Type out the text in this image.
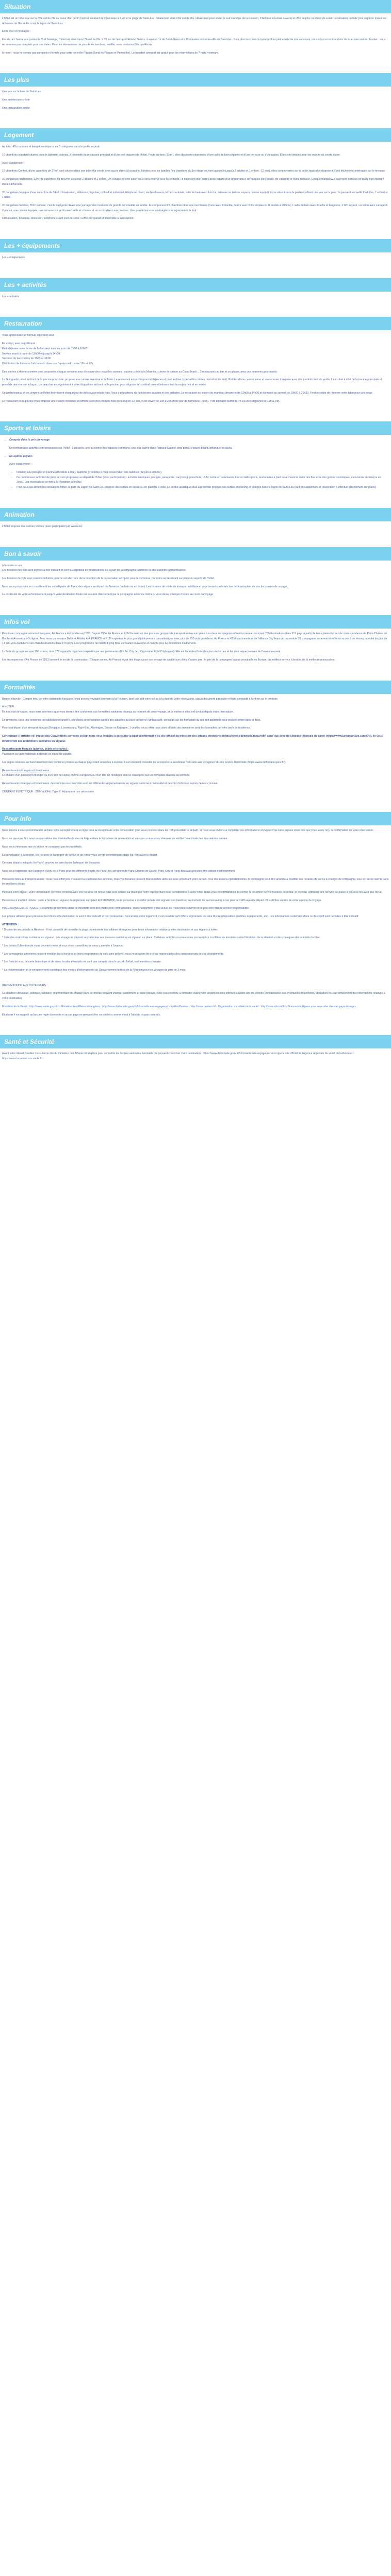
Situation

L'hôtel est un hôtel vrai sur la côte est de l'Ile au coeur d'un jardin tropical luxuriant de 2 hectares à 2 km et le plage de Saint-Leu. Idéalement situé côté est de l'île, idéalement pour visiter le sud sauvage de la Réunion. Il fait face à la baie ouverte et offre de jolis couchers de soleil. Localisation parfaite pour explorer toutes les richesses de l'île et découvrir le lagon de Saint-Leu.

Entre mer et montagne :

Escale de charme aux portes du Sud Sauvage, l'hôtel est situé dans l'Ouest de l'île, à 70 km de l'aéroport Roland Garros, à environ 1h de Saint-Pierre et à 15 minutes du centre-ville de Saint-Leu. Pour plus de confort et pour profiter pleinement de vos vacances, nous vous recommandons de louer une voiture. À noter : nous ne sommes pas complets pour ces dates. Pour les réservations de plus de 4 chambres, veuillez nous contacter (Europe-Euro).

À noter : nous ne serons pas complets ni fermés pour cette nouvelle Pâques (lundi de Pâques et Pentecôte). Le transfert aéroport est gratuit pour les réservations de 7 nuits minimum.

Les plus

Une vue sur la baie de Saint-Leu

Une architecture créole

Une restauration variée

Logement

Au total, 40 chambres et bungalows répartis en 3 catégories dans le jardin tropical.

16 chambres standard situées dans le bâtiment colonial, à proximité du restaurant principal et d'une des piscines de l'hôtel. Petite surface (17m²), elles disposent néanmoins d'une salle de bain séparée et d'une terrasse ou d'un balcon. Elles sont idéales pour les séjours de courte durée.

Avec supplément :

16 chambres Confort, d'une superficie de 27m², sont situées dans une jolie villa créole avec accès direct à la piscine. Idéales pour les familles (les chambres du 1er étage peuvent accueillir jusqu'à 2 adultes et 1 enfant : 12 ans), elles sont ouvertes sur le jardin tropical et disposent d'une kitchenette aménagée sur le terrasse.

20 bungalows kitchenette, 32m² de superficie. Ils peuvent accueillir 2 adultes et 1 enfant. Un canapé en coin salon vous sera réservé pour les enfants. Ils disposent d'un coin cuisine équipé d'un réfrigérateur, de plaques électriques, de vaisselle et d'une terrasse. Chaque bungalow a sa propre terrasse de plain-pied équipée d'une kitchenette.

20 bungalows tropique d'une superficie de 34m² (climatisation, télévision, frigo bar, coffre-fort individuel, téléphone direct, sèche-cheveux, kit de courtoisie, salle de bain avec douche, terrasse ou balcon, espace cuisine équipé), ils se situent dans le jardin et offrent une vue sur le parc. Ils peuvent accueillir 2 adultes, 1 enfant et 1 bébé.

20 bungalows familles, 55m² au total, c'est la catégorie idéale pour partager des moments de grande convivialité en famille. Ils comprennent 2 chambres dont une mezzanine (l'une avec lit double, l'autre avec 2 lits simples ou lit double à 200cm), 1 salle de bain avec douche et baignoire, 1 WC séparé, un salon avec canapé-lit 2 places, une cuisine équipée, une terrasse sur jardin avec table et chaises et un accès direct aux piscines. Une grande terrasse aménagée sont agrémentés le tout.

Climatisation, bouilloire, télévision, téléphone et wifi sont de série. Coffre-fort gratuit et disponible à la réception.

Les + équipements

Les + équipements

Les + activités

Les + activités

Restauration

Vous apprécierez un formule logement seul.

En option, avec supplément :

Petit déjeuner sous forme de buffet servi tous les jours de 7h00 à 10h00.

Service snack à partir de 12h00 et jusqu'à 14h00.

Services du bar continu de 7h00 à 19h00.

Distribution de boissons fraîches et crêpes sur l'après-midi : entre 15h et 17h.

Des soirées à thème animées sont proposées chaque semaine pour découvrir des nouvelles saveurs : cuisine créole à la Marmite, cuisine de saison au Coco Beach... 2 restaurants au bar et un glacier, pour vos moments gourmands.

La Guinguette, situé au bord de la piscine principale, propose une cuisine inventive et raffinée. Le restaurant est ouvert pour le déjeuner et pour le dîner (spécialités créoles du midi et du soir). Profitez d'une cuisine saine et savoureuse, imaginée avec des produits frais du jardin. Il est situé à côté de la piscine principale et possède une vue sur le lagon. Un beau bar est également à votre disposition au bord de la piscine, pour déguster un cocktail ou une boisson fraîche en journée et en soirée.

Un jardin tropical et les vergers de l'hôtel fournissent chaque jour de délicieux produits frais. Vous y dégusterez de délicieuses salades et des grillades. Le restaurant est ouvert du mardi au dimanche de 12h00 à 14h00 et du mardi au samedi de 19h00 à 21h30. Il est possible de réserver votre table pour vos repas.

Le restaurant de la piscine vous propose une cuisine inventive et raffinée avec des produits frais de la région. Le soir, il est ouvert de 19h à 22h (hors jour de fermeture : lundi). Petit déjeuner buffet de 7h à 10h et déjeuner de 12h à 14h.

Sports et loisirs
• Compris dans le prix du voyage

De nombreuses activités sont proposées sur l'hôtel : 2 piscines, une au centre des espaces communs, une plus calme dans l'espace Gabriel, ping-pong, croquet, billard, pétanque et sauna.

• En option, payant :

Avec supplément :

• Initiation à la plongée en piscine (d'octobre à mai), baptême (d'octobre à mai), observation des baleines (de juin à octobre).
• De nombreuses activités de plein air sont proposées au départ de l'hôtel (avec participation) : activités nautiques, plongée, parapente, canyoning, parachute, ULM, sortie en catamaran, tour en hélicoptère, randonnées à pied ou à cheval et visite des îles avec des guides touristiques, excursions en 4x4 (ou en Jeep). Les réservations se font à la réception de l'hôtel.
• Pour ceux qui aiment les sensations fortes, le parc du Lagon de Saint-Leu propose des sorties en kayak ou en planche à voile. Le centre aquatique situé à proximité propose ses sorties snorkeling et plongée dans le lagon de Saint-Leu (tarif en supplément et réservation à effectuer directement sur place).
Animation

L'hôtel propose des soirées créoles (avec participation) le weekend.

Bon à savoir

Informations voir :

Les horaires des vols sont donnés à titre indicatif et sont susceptibles de modifications de la part de la compagnie aérienne ou des autorités aéroportuaires.

Les horaires de vols vous seront confirmés, pour le vol aller, lors de la réception de la convocation aéroport, pour le vol retour, par notre représentant sur place ou auprès de l'hôtel.

Nous vous proposons en complément les vols départs de Paris, des séjours au départ de Province (en train ou en avion). Les horaires de mode de transport additionnel vous seront confirmés lors de la réception de vos documents de voyage.

La continuité de votre acheminement jusqu'à votre destination finale est assurée directement par la compagnie aérienne même si vous devez changer d'avion au cours du voyage.

Infos vol

Principale compagnie aérienne française, Air France a été fondée en 1933. Depuis 2004, Air France et KLM forment un des premiers groupes de transport aérien européen. Les deux compagnies offrent un réseau couvrant 230 destinations dans 112 pays à partir de leurs plates-formes de correspondance de Paris-Charles de Gaulle et Amsterdam-Schiphol. Avec leurs partenaires Delta et Alitalia, AIR FRANCE et KLM exploitent le plus grand joint-venture transatlantique avec plus de 250 vols quotidiens. Air France et KLM sont membres de l'alliance SkyTeam qui rassemble 16 compagnies aériennes et offre un accès à un réseau mondial de plus de 14 700 vols quotidiens vers 998 destinations dans 173 pays. Leur programme de fidélité Flying Blue est leader en Europe et compte plus de 20 millions d'adhérents.

La flotte du groupe compte 566 avions, dont 173 appareils régionaux exploités par ses partenaires (Brit Air, City Jet, Régional et KLM Cityhopper). Elle est l'une des flottes les plus modernes et les plus respectueuses de l'environnement.

Les récompenses d'Air France en 2013 donnent le ton de la continuation. Chaque année, Air France reçoit des éloges pour son voyage de qualité aux côtés d'autres prix : le prix de la compagnie la plus ponctuelle en Europe, du meilleur service à bord et de la meilleure restauration.

Formalités

Bonne nouvelle : Compte tenu de votre nationalité française, vous pouvez voyager librement à la Réunion, quel que soit votre vol ou à la date de votre réservation, aucun document particulier n'étant demandé à l'entrée sur le territoire.

A NOTER :

En tout état de cause, nous vous informons que vous devrez être conformes aux formalités sanitaires du pays au moment de votre voyage, et ce même si elles ont évolué depuis votre réservation.

En revanche, pour une personne de nationalité étrangère, elle devra se renseigner auprès des autorités du pays concerné (ambassade, consulat) sur les formalités qu'elle doit accomplir pour pouvoir entrer dans le pays.

Pour tout départ d'un aéroport français (Belgique, Luxembourg, Pays-Bas, Allemagne, Suisse ou Espagne...) veuillez vous référer aux sites officiels des ministères pour les formalités de votre pays de résidence.

Concernant l'Territoire et l'impact des Conventions sur votre séjour, nous vous invitons à consulter la page d'information du site officiel du ministère des affaires étrangères (https://www.diplomatie.gouv.fr/fr/) ainsi que celui de l'agence régionale de santé (https://www.lareunion.ars.sante.fr/), ils vous informeront des restrictions sanitaires en vigueur.

Ressortissants français (adultes, bébés et enfants) :

Passeport ou carte nationale d'identité en cours de validité.

Les règles relatives au franchissement des frontières propres à chaque pays étant amenées à évoluer, il est vivement conseillé de se reporter à la rubrique 'Conseils aux voyageurs' du site France Diplomatie (https://www.diplomatie.gouv.fr/).

Ressortissants étrangers et binationaux :

Le titulaire d'un passeport étranger ou d'un titre de séjour (même européen) ou d'un titre de résidence doit se renseigner sur les formalités d'accès au territoire.

Ressortissants étrangers et binationaux, devront être en conformité avec les différentes règlementations en vigueur selon leur nationalité et devront s'informer auprès de leur consulat.

COURANT ELECTRIQUE : 220V à 50Hz. Type E. Adaptateur non nécessaire.

Pour info

Nous tenons à vous recommander de faire votre enregistrement en ligne pour la réception de votre convocation (que vous recevrez dans les 72h précédant le départ), et nous vous invitons à compléter vos informations voyageurs via notre espace client dès que vous aurez reçu la confirmation de votre réservation.

Nous ne pouvons être tenus responsables des éventuelles fautes de frappe dans le formulaire de réservation et vous recommandons vivement de vérifier l'exactitude des informations saisies.

Nous vous informons que ce séjour ne comprend pas les transferts.

La convocation à l'aéroport, les horaires et l'aéroport de départ et de retour vous seront communiqués dans les 48h avant le départ.

Certains départs indiqués 'de Paris' peuvent se faire depuis l'aéroport de Beauvais.

Nous vous rappelons que l'aéroport d'Orly est à Paris pour les différents trajets 'de Paris', les aéroports de Paris-Charles de Gaulle, Paris-Orly et Paris-Beauvais pouvant être utilisés indifféremment.

Précisions liées au transport aérien : nous nous efforçons d'assurer la continuité des services, mais vos horaires peuvent être modifiés dans les jours précédant votre départ. Pour des raisons opérationnelles, la compagnie peut être amenée à modifier ses horaires de vol ou à changer de compagnie, vous en serez avertis dans les meilleurs délais.

Pendant votre séjour : votre convocation (dernière version) avec vos horaires de retour vous sera remise sur place par notre représentant local ou transmise à votre hôtel. Nous vous recommandons de vérifier la réception de vos horaires de retour, et de nous contacter dès l'arrivée sur place si vous ne les avez pas reçus.

Personnes à mobilité réduite : suite à l'entrée en vigueur du règlement européen EU 1107/2006, toute personne à mobilité réduite doit signaler son handicap au moment de la réservation, et au plus tard 48h avant le départ. Plus d'infos auprès de votre agence de voyage.

PRÉCISIONS ESTHÉTIQUES : Les photos présentées dans ce descriptif sont des photos non contractuelles. Tout changement d'état actuel de l'hôtel peut survenir et ne peut être imputé à notre responsabilité.

Les photos utilisées pour présenter les hôtels et la destination le sont à titre indicatif et non contractuel. Concernant votre logement, il est possible qu'il diffère légèrement de celui illustré (disposition, mobilier, équipements, etc). Les informations contenues dans ce descriptif sont données à titre indicatif.

ATTENTION :

* Dossier de sécurité de la Réunion - Il est conseillé de consulter la page du ministère des affaires étrangères pour toute information relative à votre destination et aux régions à éviter.

* Liste des restrictions sanitaires en vigueur : Les voyageurs devront se conformer aux mesures sanitaires en vigueur sur place. Certaines activités ou excursions pourront être modifiées ou annulées selon l'évolution de la situation et des consignes des autorités locales.

* Les délais d'obtention de visas peuvent varier et nous vous conseillons de vous y prendre à l'avance.

* Les compagnies aériennes peuvent modifier leurs horaires et leurs programmes de vols sans préavis, nous ne pouvons être tenus responsables des conséquences de ces changements.

* Les frais de visa, de carte touristique et de taxes locales éventuels ne sont pas compris dans le prix du forfait, sauf mention contraire.

* La réglementation et le comportement touristique des modes d'hébergement au Gouvernement fédéral de la Réunion pour les voyages de plus de 3 mois.

INFORMATIONS AUX VOYAGEURS :

La situation climatique, politique, sanitaire, réglementaire de chaque pays de monde pouvant changer subitement et sans préavis, nous vous invitons à consulter avant votre départ les sites internet suivants afin de prendre connaissance des éventuelles restrictions, obligations ou tout simplement des informations relatives à votre destination.

Ministère de la Santé : http://www.sante.gouv.fr/ - Ministère des Affaires étrangères : http://www.diplomatie.gouv.fr/fr/conseils-aux-voyageurs/ - Institut Pasteur : http://www.pasteur.fr/ - Organisation mondiale de la santé : http://www.who.int/fr/ - Documents légaux pour se rendre dans un pays étranger.

Étudiants il est rappelé qu'aucune règle du monde ni aucun pays ne peuvent être considérés comme étant à l'abri de risques naturels.

Santé et Sécurité

Avant votre départ, veuillez consulter le site du ministère des Affaires étrangères pour connaître les risques sanitaires éventuels qui peuvent concerner votre destination : https://www.diplomatie.gouv.fr/fr/conseils-aux-voyageurs/ ainsi que le site officiel de l'Agence régionale de santé de la Réunion : https://www.lareunion.ars.sante.fr/
